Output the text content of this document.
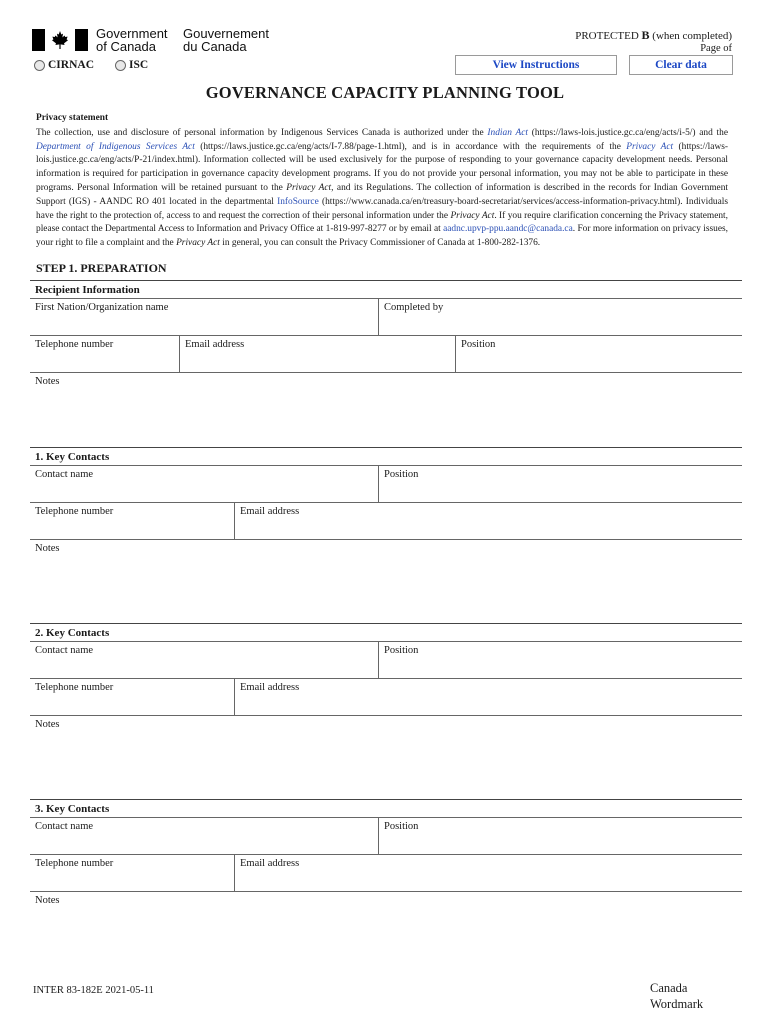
Government
of Canada
Gouvernement
du Canada
CIRNAC	ISC
PROTECTED B (when completed)
Page of
View Instructions	Clear data
GOVERNANCE CAPACITY PLANNING TOOL
Privacy statement
The collection, use and disclosure of personal information by Indigenous Services Canada is authorized under the Indian Act (https://laws-lois.justice.gc.ca/eng/acts/i-5/) and the Department of Indigenous Services Act (https://laws.justice.gc.ca/eng/acts/I-7.88/page-1.html), and is in accordance with the requirements of the Privacy Act (https://laws-lois.justice.gc.ca/eng/acts/P-21/index.html). Information collected will be used exclusively for the purpose of responding to your governance capacity development needs. Personal information is required for participation in governance capacity development programs. If you do not provide your personal information, you may not be able to participate in these programs. Personal Information will be retained pursuant to the Privacy Act, and its Regulations. The collection of information is described in the records for Indian Government Support (IGS) - AANDC RO 401 located in the departmental InfoSource (https://www.canada.ca/en/treasury-board-secretariat/services/access-information-privacy.html). Individuals have the right to the protection of, access to and request the correction of their personal information under the Privacy Act. If you require clarification concerning the Privacy statement, please contact the Departmental Access to Information and Privacy Office at 1-819-997-8277 or by email at aadnc.upvp-ppu.aandc@canada.ca. For more information on privacy issues, your right to file a complaint and the Privacy Act in general, you can consult the Privacy Commissioner of Canada at 1-800-282-1376.
STEP 1. PREPARATION
Recipient Information
First Nation/Organization name	Completed by
Telephone number	Email address	Position
Notes
1. Key Contacts
Contact name	Position
Telephone number	Email address
Notes
2. Key Contacts
Contact name	Position
Telephone number	Email address
Notes
3. Key Contacts
Contact name	Position
Telephone number	Email address
Notes
INTER 83-182E 2021-05-11	Canada
Wordmark
